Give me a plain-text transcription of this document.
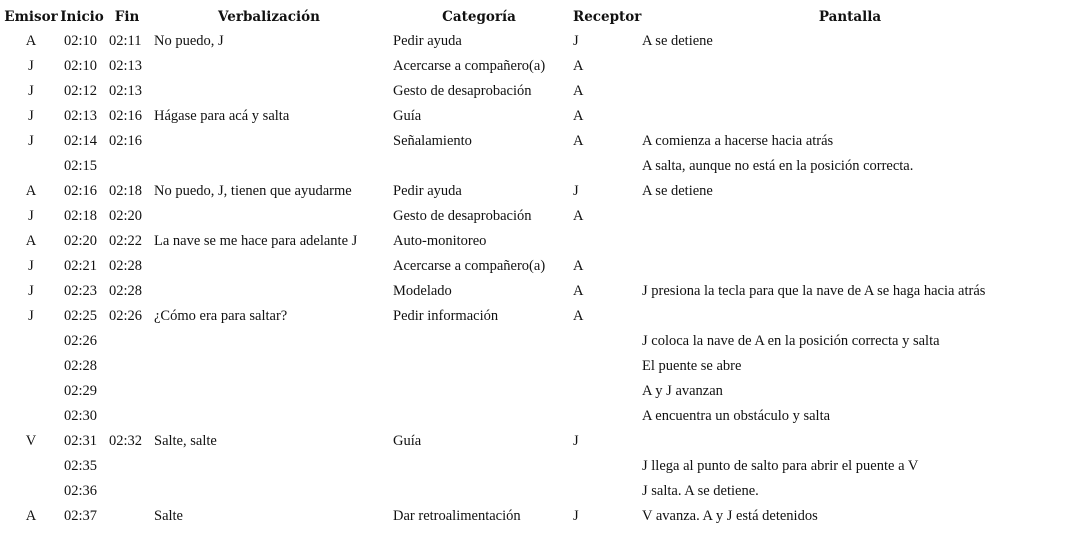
Emisor	Inicio	Fin	Verbalización	Categoría	Receptor	Pantalla
A	02:10	02:11	No puedo, J	Pedir ayuda	J	A se detiene
J	02:10	02:13		Acercarse a compañero(a)	A	
J	02:12	02:13		Gesto de desaprobación	A	
J	02:13	02:16	Hágase para acá y salta	Guía	A	
J	02:14	02:16		Señalamiento	A	A comienza a hacerse hacia atrás
	02:15					A salta, aunque no está en la posición correcta.
A	02:16	02:18	No puedo, J, tienen que ayudarme	Pedir ayuda	J	A se detiene
J	02:18	02:20		Gesto de desaprobación	A	
A	02:20	02:22	La nave se me hace para adelante J	Auto-monitoreo		
J	02:21	02:28		Acercarse a compañero(a)	A	
J	02:23	02:28		Modelado	A	J presiona la tecla para que la nave de A se haga hacia atrás
J	02:25	02:26	¿Cómo era para saltar?	Pedir información	A	
	02:26					J coloca la nave de A en la posición correcta y salta
	02:28					El puente se abre
	02:29					A y J avanzan
	02:30					A encuentra un obstáculo y salta
V	02:31	02:32	Salte, salte	Guía	J	
	02:35					J llega al punto de salto para abrir el puente a V
	02:36					J salta. A se detiene.
A	02:37		Salte	Dar retroalimentación	J	V avanza. A y J está detenidos
